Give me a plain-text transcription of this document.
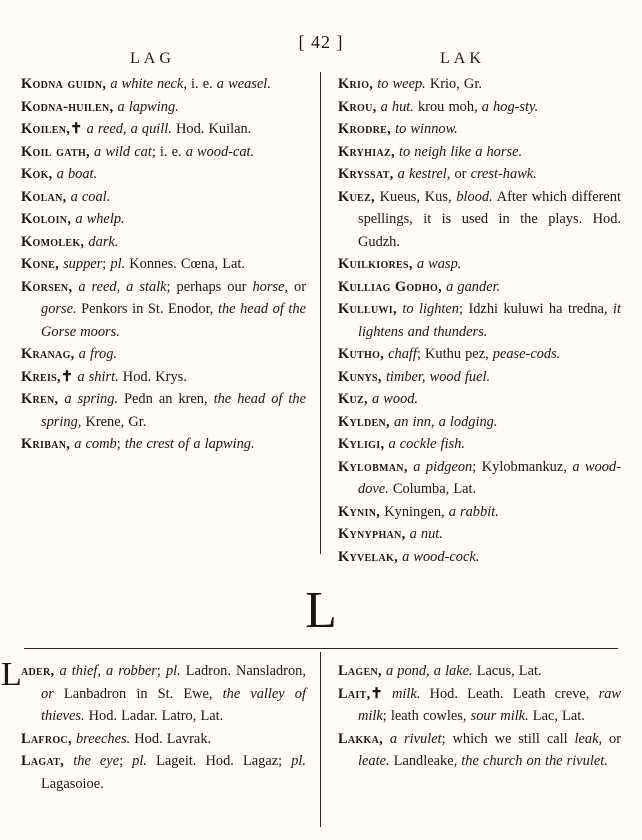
[ 42 ]
LAG	LAK

Kodna guidn, a white neck, i. e. a weasel.

Kodna-huilen, a lapwing.

Koilen,✝ a reed, a quill. Hod. Kuilan.

Koil gath, a wild cat; i. e. a wood-cat.

Kok, a boat.

Kolan, a coal.

Koloin, a whelp.

Komolek, dark.

Kone, supper; pl. Konnes. Cœna, Lat.

Korsen, a reed, a stalk; perhaps our horse, or gorse. Penkors in St. Enodor, the head of the Gorse moors.

Kranag, a frog.

Kreis,✝ a shirt. Hod. Krys.

Kren, a spring. Pedn an kren, the head of the spring, Krene, Gr.

Kriban, a comb; the crest of a lapwing.

Krio, to weep. Krio, Gr.

Krou, a hut. krou moh, a hog-sty.

Krodre, to winnow.

Kryhiaz, to neigh like a horse.

Kryssat, a kestrel, or crest-hawk.

Kuez, Kueus, Kus, blood. After which different spellings, it is used in the plays. Hod. Gudzh.

Kuilkiores, a wasp.

Kulliag Godho, a gander.

Kulluwi, to lighten; Idzhi kuluwi ha tredna, it lightens and thunders.

Kutho, chaff; Kuthu pez, pease-cods.

Kunys, timber, wood fuel.

Kuz, a wood.

Kylden, an inn, a lodging.

Kyligi, a cockle fish.

Kylobman, a pidgeon; Kylobmankuz, a wood-dove. Columba, Lat.

Kynin, Kyningen, a rabbit.

Kynyphan, a nut.

Kyvelak, a wood-cock.

L

Lader, a thief, a robber; pl. Ladron. Nansladron, or Lanbadron in St. Ewe, the valley of thieves. Hod. Ladar. Latro, Lat.

Lafroc, breeches. Hod. Lavrak.

Lagat, the eye; pl. Lageit. Hod. Lagaz; pl. Lagasoioe.

Lagen, a pond, a lake. Lacus, Lat.

Lait,✝ milk. Hod. Leath. Leath creve, raw milk; leath cowles, sour milk. Lac, Lat.

Lakka, a rivulet; which we still call leak, or leate. Landleake, the church on the rivulet.
